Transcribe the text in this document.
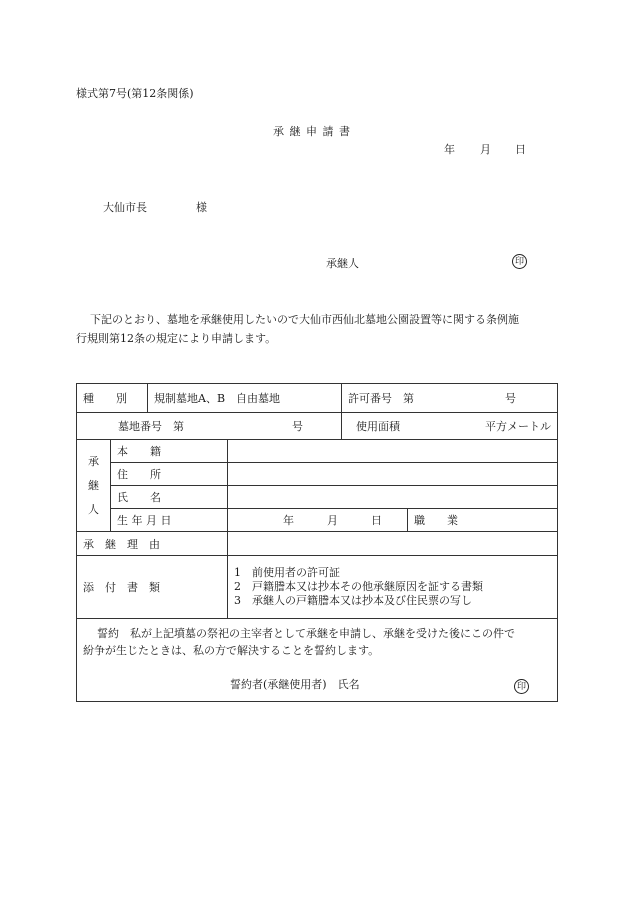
様式第7号(第12条関係)
承 継 申 請 書
年 月 日
大仙市長	様
承継人	印
下記のとおり、墓地を承継使用したいので大仙市西仙北墓地公園設置等に関する条例施
行規則第12条の規定により申請します。
種　　別		規制墓地A、B　自由墓地		許可番号　第 号		

墓地番号　第 号				使用面積 平方メートル		

承
継
人	本　　籍					
	住　　所					
	氏　　名					
	生 年 月 日		年　　　月　　　日		職　　業	
承　継　理　由						
添　付　書　類			1　前使用者の許可証
2　戸籍謄本又は抄本その他承継原因を証する書類
3　承継人の戸籍謄本又は抄本及び住民票の写し			

誓約　私が上記墳墓の祭祀の主宰者として承継を申請し、承継を受けた後にこの件で
紛争が生じたときは、私の方で解決することを誓約します。
誓約者(承継使用者)　氏名 印						
